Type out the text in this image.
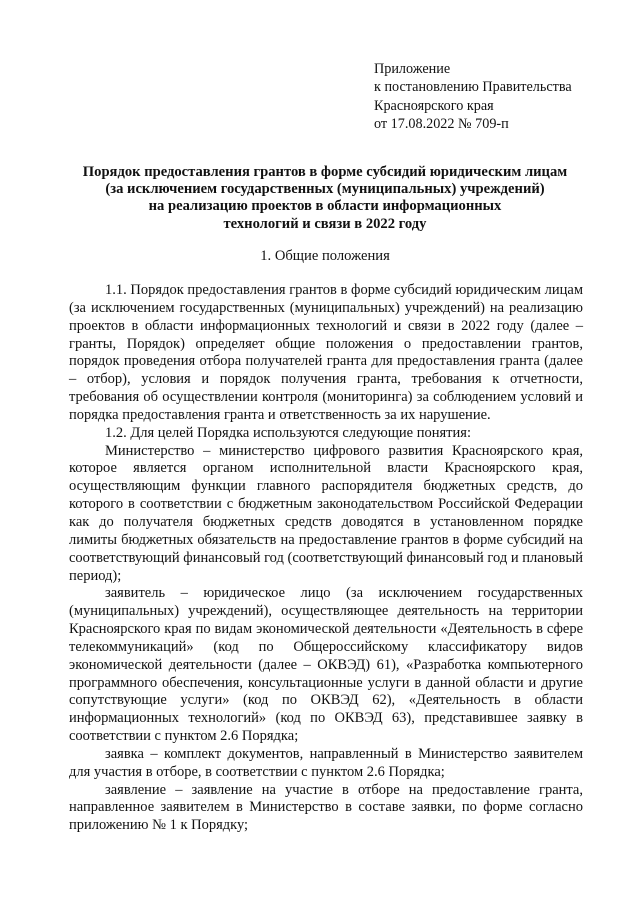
Приложение
к постановлению Правительства
Красноярского края
от 17.08.2022 № 709-п
Порядок предоставления грантов в форме субсидий юридическим лицам
(за исключением государственных (муниципальных) учреждений)
на реализацию проектов в области информационных
технологий и связи в 2022 году
1. Общие положения

1.1. Порядок предоставления грантов в форме субсидий юридическим лицам (за исключением государственных (муниципальных) учреждений) на реализацию проектов в области информационных технологий и связи в 2022 году (далее – гранты, Порядок) определяет общие положения о предоставлении грантов, порядок проведения отбора получателей гранта для предоставления гранта (далее – отбор), условия и порядок получения гранта, требования к отчетности, требования об осуществлении контроля (мониторинга) за соблюдением условий и порядка предоставления гранта и ответственность за их нарушение.

1.2. Для целей Порядка используются следующие понятия:

Министерство – министерство цифрового развития Красноярского края, которое является органом исполнительной власти Красноярского края, осуществляющим функции главного распорядителя бюджетных средств, до которого в соответствии с бюджетным законодательством Российской Федерации как до получателя бюджетных средств доводятся в установленном порядке лимиты бюджетных обязательств на предоставление грантов в форме субсидий на соответствующий финансовый год (соответствующий финансовый год и плановый период);

заявитель – юридическое лицо (за исключением государственных (муниципальных) учреждений), осуществляющее деятельность на территории Красноярского края по видам экономической деятельности «Деятельность в сфере телекоммуникаций» (код по Общероссийскому классификатору видов экономической деятельности (далее – ОКВЭД) 61), «Разработка компьютерного программного обеспечения, консультационные услуги в данной области и другие сопутствующие услуги» (код по ОКВЭД 62), «Деятельность в области информационных технологий» (код по ОКВЭД 63), представившее заявку в соответствии с пунктом 2.6 Порядка;

заявка – комплект документов, направленный в Министерство заявителем для участия в отборе, в соответствии с пунктом 2.6 Порядка;

заявление – заявление на участие в отборе на предоставление гранта, направленное заявителем в Министерство в составе заявки, по форме согласно приложению № 1 к Порядку;
